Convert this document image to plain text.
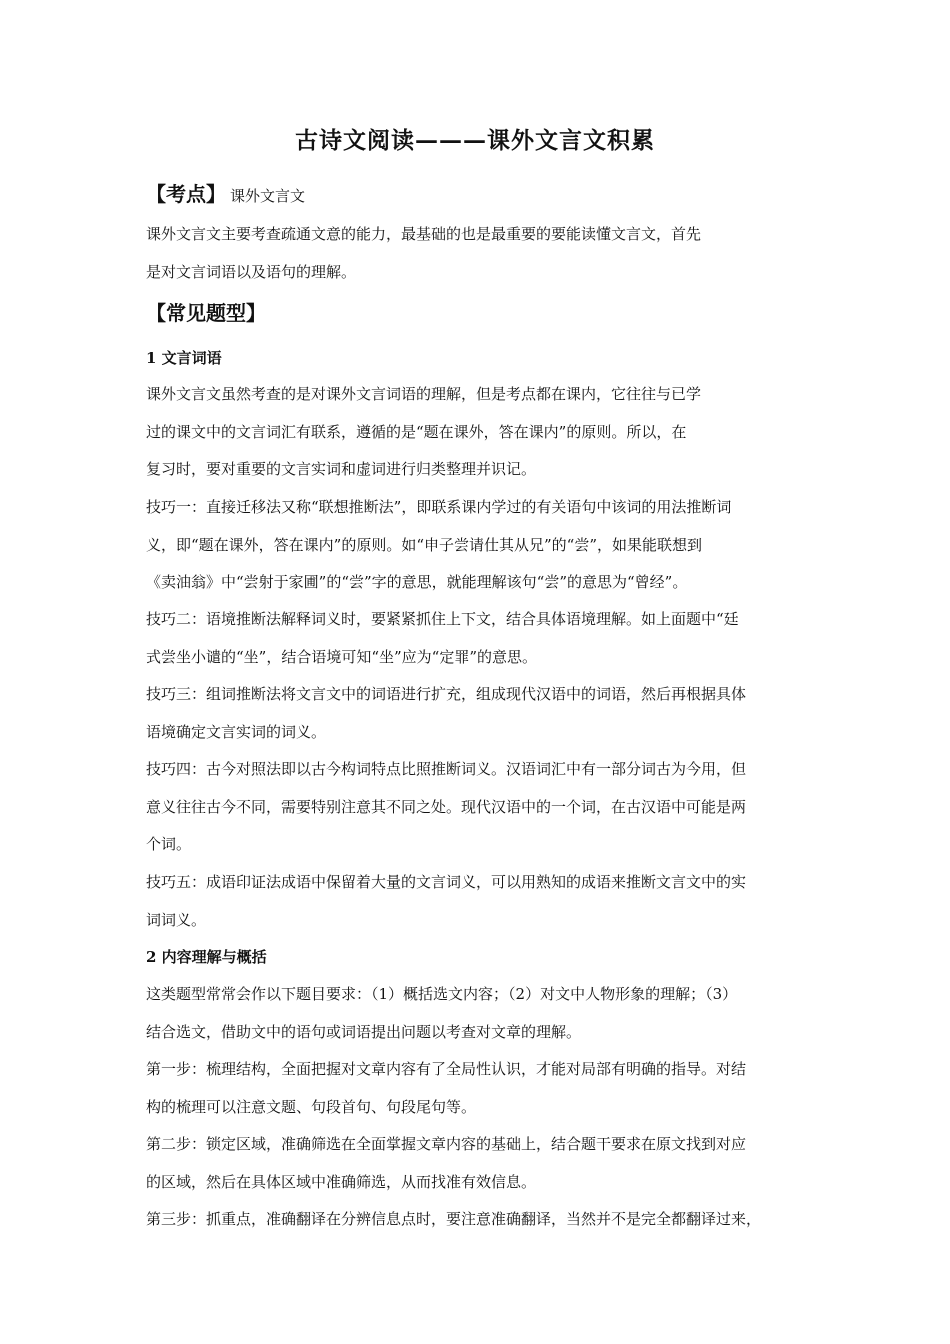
古诗文阅读———课外文言文积累
【考点】 课外文言文
课外文言文主要考查疏通文意的能力，最基础的也是最重要的要能读懂文言文，首先
是对文言词语以及语句的理解。
【常见题型】
1 文言词语
课外文言文虽然考查的是对课外文言词语的理解，但是考点都在课内，它往往与已学
过的课文中的文言词汇有联系，遵循的是“题在课外，答在课内”的原则。所以，在
复习时，要对重要的文言实词和虚词进行归类整理并识记。
技巧一：直接迁移法又称“联想推断法”，即联系课内学过的有关语句中该词的用法推断词
义，即“题在课外，答在课内”的原则。如“申子尝请仕其从兄”的“尝”，如果能联想到
《卖油翁》中“尝射于家圃”的“尝”字的意思，就能理解该句“尝”的意思为“曾经”。
技巧二：语境推断法解释词义时，要紧紧抓住上下文，结合具体语境理解。如上面题中“廷
式尝坐小谴的“坐”，结合语境可知“坐”应为“定罪”的意思。
技巧三：组词推断法将文言文中的词语进行扩充，组成现代汉语中的词语，然后再根据具体
语境确定文言实词的词义。
技巧四：古今对照法即以古今构词特点比照推断词义。汉语词汇中有一部分词古为今用，但
意义往往古今不同，需要特别注意其不同之处。现代汉语中的一个词，在古汉语中可能是两
个词。
技巧五：成语印证法成语中保留着大量的文言词义，可以用熟知的成语来推断文言文中的实
词词义。
2 内容理解与概括
这类题型常常会作以下题目要求：（1）概括选文内容；（2）对文中人物形象的理解；（3）
结合选文，借助文中的语句或词语提出问题以考查对文章的理解。
第一步：梳理结构，全面把握对文章内容有了全局性认识，才能对局部有明确的指导。对结
构的梳理可以注意文题、句段首句、句段尾句等。
第二步：锁定区域，准确筛选在全面掌握文章内容的基础上，结合题干要求在原文找到对应
的区域，然后在具体区域中准确筛选，从而找准有效信息。
第三步：抓重点，准确翻译在分辨信息点时，要注意准确翻译，当然并不是完全都翻译过来，
